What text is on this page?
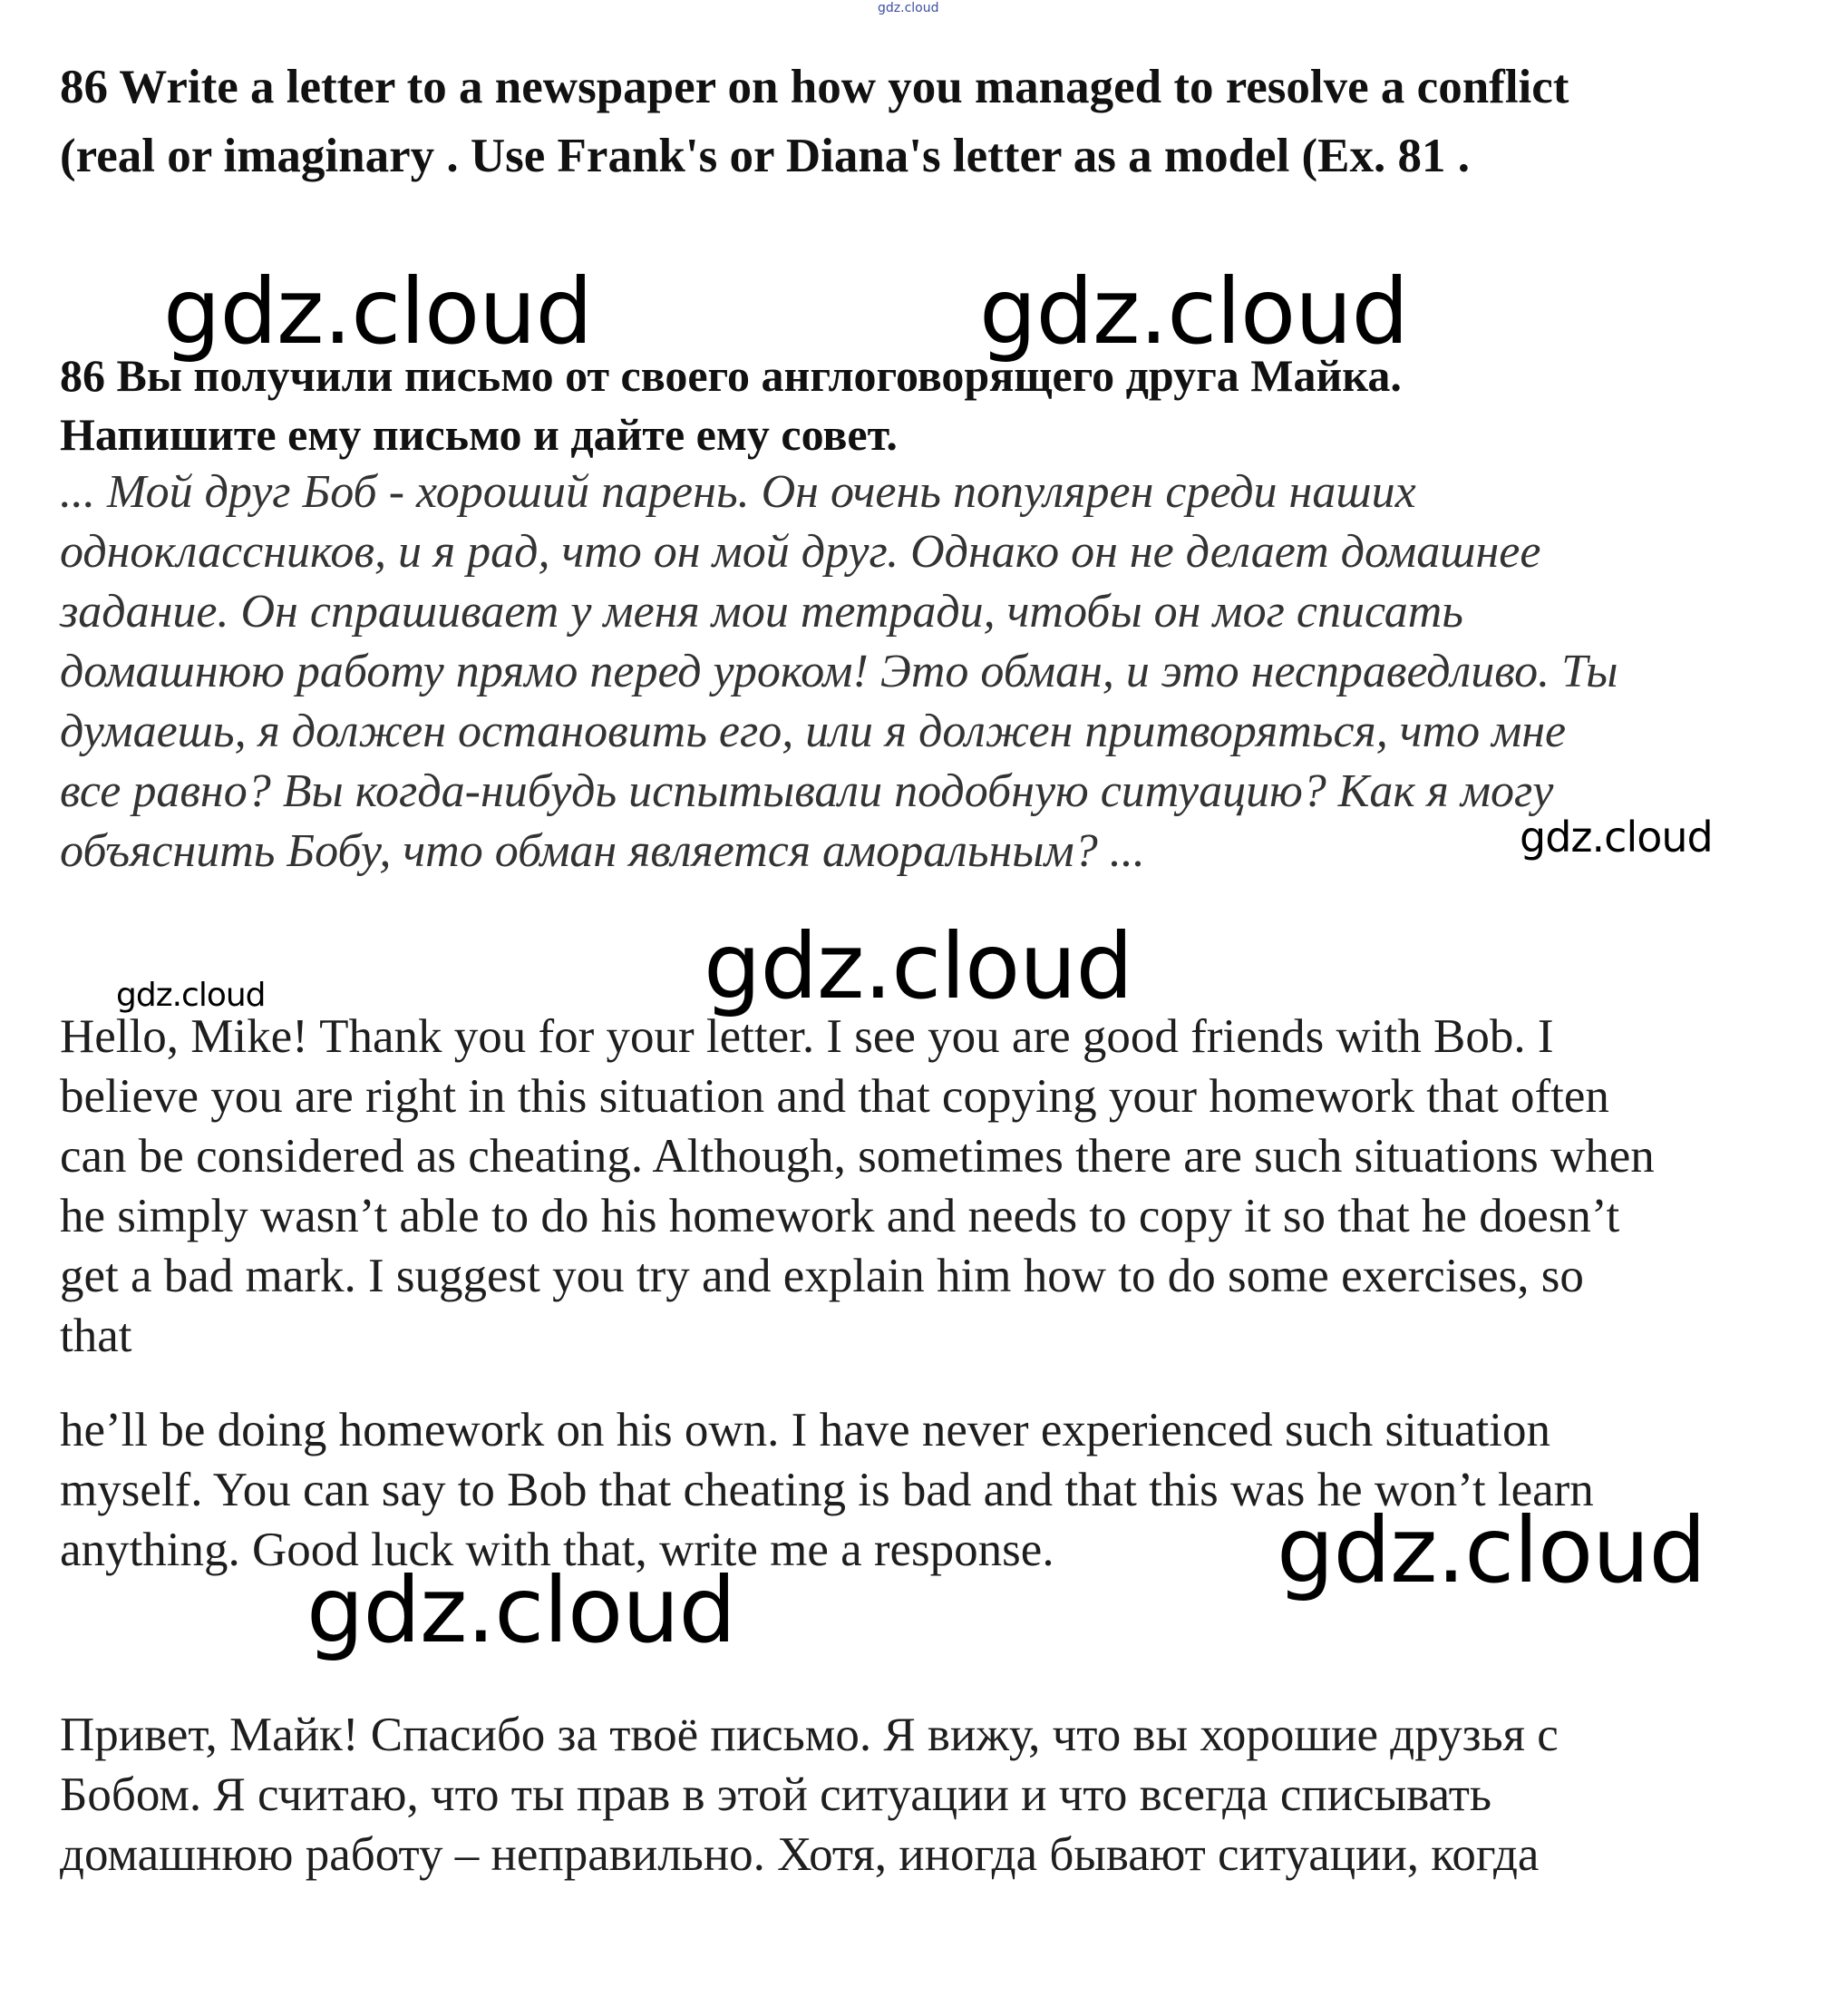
gdz.cloud

86 Write a letter to a newspaper on how you managed to resolve a conflict
(real or imaginary . Use Frank's or Diana's letter as a model (Ex. 81 .

gdz.cloud	gdz.cloud

86 Вы получили письмо от своего англоговорящего друга Майка.
Напишите ему письмо и дайте ему совет.

... Мой друг Боб - хороший парень. Он очень популярен среди наших
одноклассников, и я рад, что он мой друг. Однако он не делает домашнее
задание. Он спрашивает у меня мои тетради, чтобы он мог списать
домашнюю работу прямо перед уроком! Это обман, и это несправедливо. Ты
думаешь, я должен остановить его, или я должен притворяться, что мне
все равно? Вы когда-нибудь испытывали подобную ситуацию? Как я могу
объяснить Бобу, что обман является аморальным? ...	gdz.cloud

gdz.cloud

gdz.cloud

Hello, Mike! Thank you for your letter. I see you are good friends with Bob. I
believe you are right in this situation and that copying your homework that often
can be considered as cheating. Although, sometimes there are such situations when
he simply wasn’t able to do his homework and needs to copy it so that he doesn’t
get a bad mark. I suggest you try and explain him how to do some exercises, so
that

he’ll be doing homework on his own. I have never experienced such situation
myself. You can say to Bob that cheating is bad and that this was he won’t learn
anything. Good luck with that, write me a response.	gdz.cloud

gdz.cloud

Привет, Майк! Спасибо за твоё письмо. Я вижу, что вы хорошие друзья с
Бобом. Я считаю, что ты прав в этой ситуации и что всегда списывать
домашнюю работу – неправильно. Хотя, иногда бывают ситуации, когда
